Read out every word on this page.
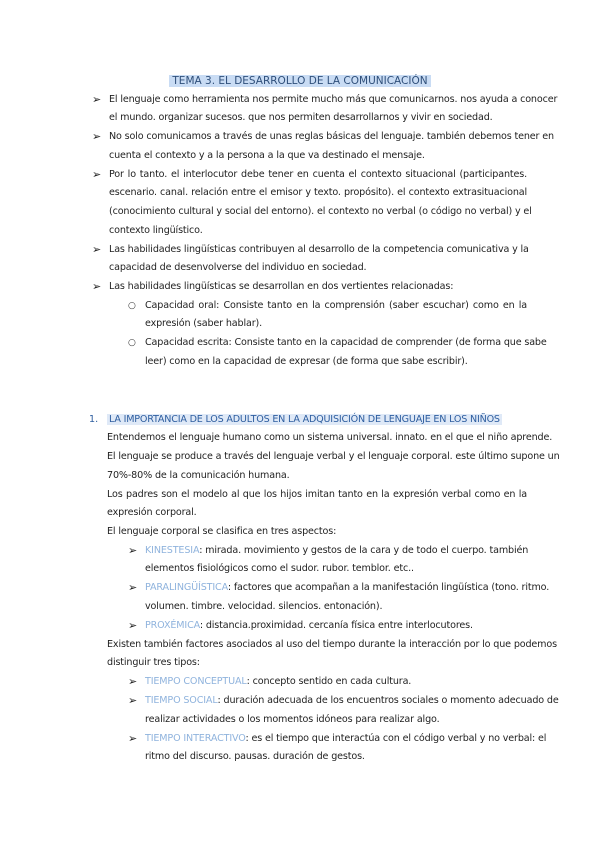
TEMA 3. EL DESARROLLO DE LA COMUNICACIÓN
➢ El lenguaje como herramienta nos permite mucho más que comunicarnos. nos ayuda a conocer
el mundo. organizar sucesos. que nos permiten desarrollarnos y vivir en sociedad.
➢ No solo comunicamos a través de unas reglas básicas del lenguaje. también debemos tener en
cuenta el contexto y a la persona a la que va destinado el mensaje.
➢ Por lo tanto. el interlocutor debe tener en cuenta el contexto situacional (participantes.
escenario. canal. relación entre el emisor y texto. propósito). el contexto extrasituacional
(conocimiento cultural y social del entorno). el contexto no verbal (o código no verbal) y el
contexto lingüístico.
➢ Las habilidades lingüísticas contribuyen al desarrollo de la competencia comunicativa y la
capacidad de desenvolverse del individuo en sociedad.
➢ Las habilidades lingüísticas se desarrollan en dos vertientes relacionadas:
○ Capacidad oral: Consiste tanto en la comprensión (saber escuchar) como en la
expresión (saber hablar).
○ Capacidad escrita: Consiste tanto en la capacidad de comprender (de forma que sabe
leer) como en la capacidad de expresar (de forma que sabe escribir).
1. LA IMPORTANCIA DE LOS ADULTOS EN LA ADQUISICIÓN DE LENGUAJE EN LOS NIÑOS
Entendemos el lenguaje humano como un sistema universal. innato. en el que el niño aprende.
El lenguaje se produce a través del lenguaje verbal y el lenguaje corporal. este último supone un
70%-80% de la comunicación humana.
Los padres son el modelo al que los hijos imitan tanto en la expresión verbal como en la
expresión corporal.
El lenguaje corporal se clasifica en tres aspectos:
➢ KINESTESIA: mirada. movimiento y gestos de la cara y de todo el cuerpo. también
elementos fisiológicos como el sudor. rubor. temblor. etc..
➢ PARALINGÜÍSTICA: factores que acompañan a la manifestación lingüística (tono. ritmo.
volumen. timbre. velocidad. silencios. entonación).
➢ PROXÉMICA: distancia.proximidad. cercanía física entre interlocutores.
Existen también factores asociados al uso del tiempo durante la interacción por lo que podemos
distinguir tres tipos:
➢ TIEMPO CONCEPTUAL: concepto sentido en cada cultura.
➢ TIEMPO SOCIAL: duración adecuada de los encuentros sociales o momento adecuado de
realizar actividades o los momentos idóneos para realizar algo.
➢ TIEMPO INTERACTIVO: es el tiempo que interactúa con el código verbal y no verbal: el
ritmo del discurso. pausas. duración de gestos.
